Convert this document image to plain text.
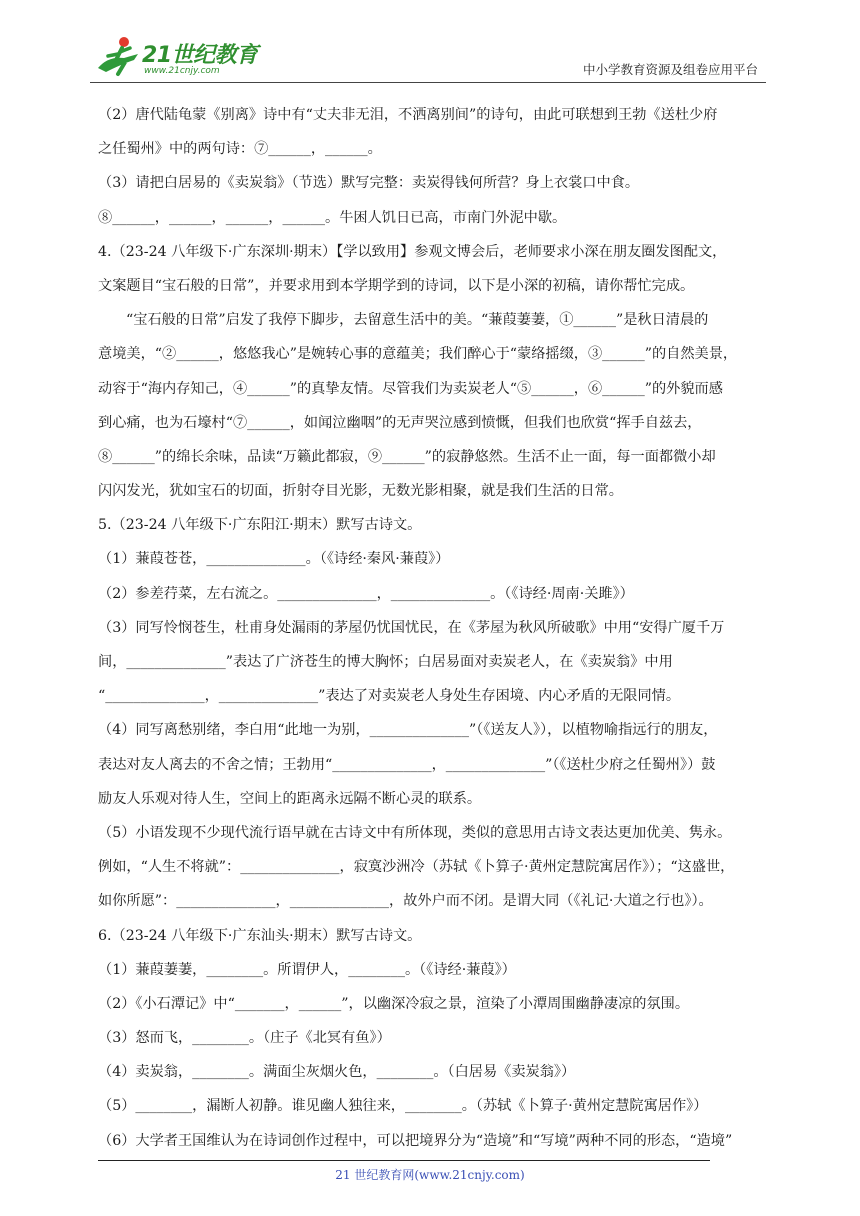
21世纪教育
www.21cnjy.com	中小学教育资源及组卷应用平台
（2）唐代陆龟蒙《别离》诗中有“丈夫非无泪，不洒离别间”的诗句，由此可联想到王勃《送杜少府
之任蜀州》中的两句诗：⑦______，______。
（3）请把白居易的《卖炭翁》（节选）默写完整：卖炭得钱何所营？身上衣裳口中食。
⑧______，______，______，______。牛困人饥日已高，市南门外泥中歇。
4.（23-24 八年级下·广东深圳·期末）【学以致用】参观文博会后，老师要求小深在朋友圈发图配文，
文案题目“宝石般的日常”，并要求用到本学期学到的诗词，以下是小深的初稿，请你帮忙完成。
“宝石般的日常”启发了我停下脚步，去留意生活中的美。“蒹葭萋萋，①______”是秋日清晨的
意境美，“②______，悠悠我心”是婉转心事的意蕴美；我们醉心于“蒙络摇缀，③______”的自然美景，
动容于“海内存知己，④______”的真挚友情。尽管我们为卖炭老人“⑤______，⑥______”的外貌而感
到心痛，也为石壕村“⑦______，如闻泣幽咽”的无声哭泣感到愤慨，但我们也欣赏“挥手自兹去，
⑧______”的绵长余味，品读“万籁此都寂，⑨______”的寂静悠然。生活不止一面，每一面都微小却
闪闪发光，犹如宝石的切面，折射夺目光影，无数光影相聚，就是我们生活的日常。
5.（23-24 八年级下·广东阳江·期末）默写古诗文。
（1）蒹葭苍苍，______________。（《诗经·秦风·蒹葭》）
（2）参差荇菜，左右流之。______________，______________。（《诗经·周南·关雎》）
（3）同写怜悯苍生，杜甫身处漏雨的茅屋仍忧国忧民，在《茅屋为秋风所破歌》中用“安得广厦千万
间，______________”表达了广济苍生的博大胸怀；白居易面对卖炭老人，在《卖炭翁》中用
“______________，______________”表达了对卖炭老人身处生存困境、内心矛盾的无限同情。
（4）同写离愁别绪，李白用“此地一为别，______________”（《送友人》），以植物喻指远行的朋友，
表达对友人离去的不舍之情；王勃用“______________，______________”（《送杜少府之任蜀州》）鼓
励友人乐观对待人生，空间上的距离永远隔不断心灵的联系。
（5）小语发现不少现代流行语早就在古诗文中有所体现，类似的意思用古诗文表达更加优美、隽永。
例如，“人生不将就”：______________，寂寞沙洲冷（苏轼《卜算子·黄州定慧院寓居作》）；“这盛世，
如你所愿”：______________，______________，故外户而不闭。是谓大同（《礼记·大道之行也》）。
6.（23-24 八年级下·广东汕头·期末）默写古诗文。
（1）蒹葭萋萋，________。所谓伊人，________。（《诗经·蒹葭》）
（2）《小石潭记》中“_______，______”，以幽深冷寂之景，渲染了小潭周围幽静凄凉的氛围。
（3）怒而飞，________。（庄子《北冥有鱼》）
（4）卖炭翁，________。满面尘灰烟火色，________。（白居易《卖炭翁》）
（5）________，漏断人初静。谁见幽人独往来，________。（苏轼《卜算子·黄州定慧院寓居作》）
（6）大学者王国维认为在诗词创作过程中，可以把境界分为“造境”和“写境”两种不同的形态，“造境”
21 世纪教育网(www.21cnjy.com)
